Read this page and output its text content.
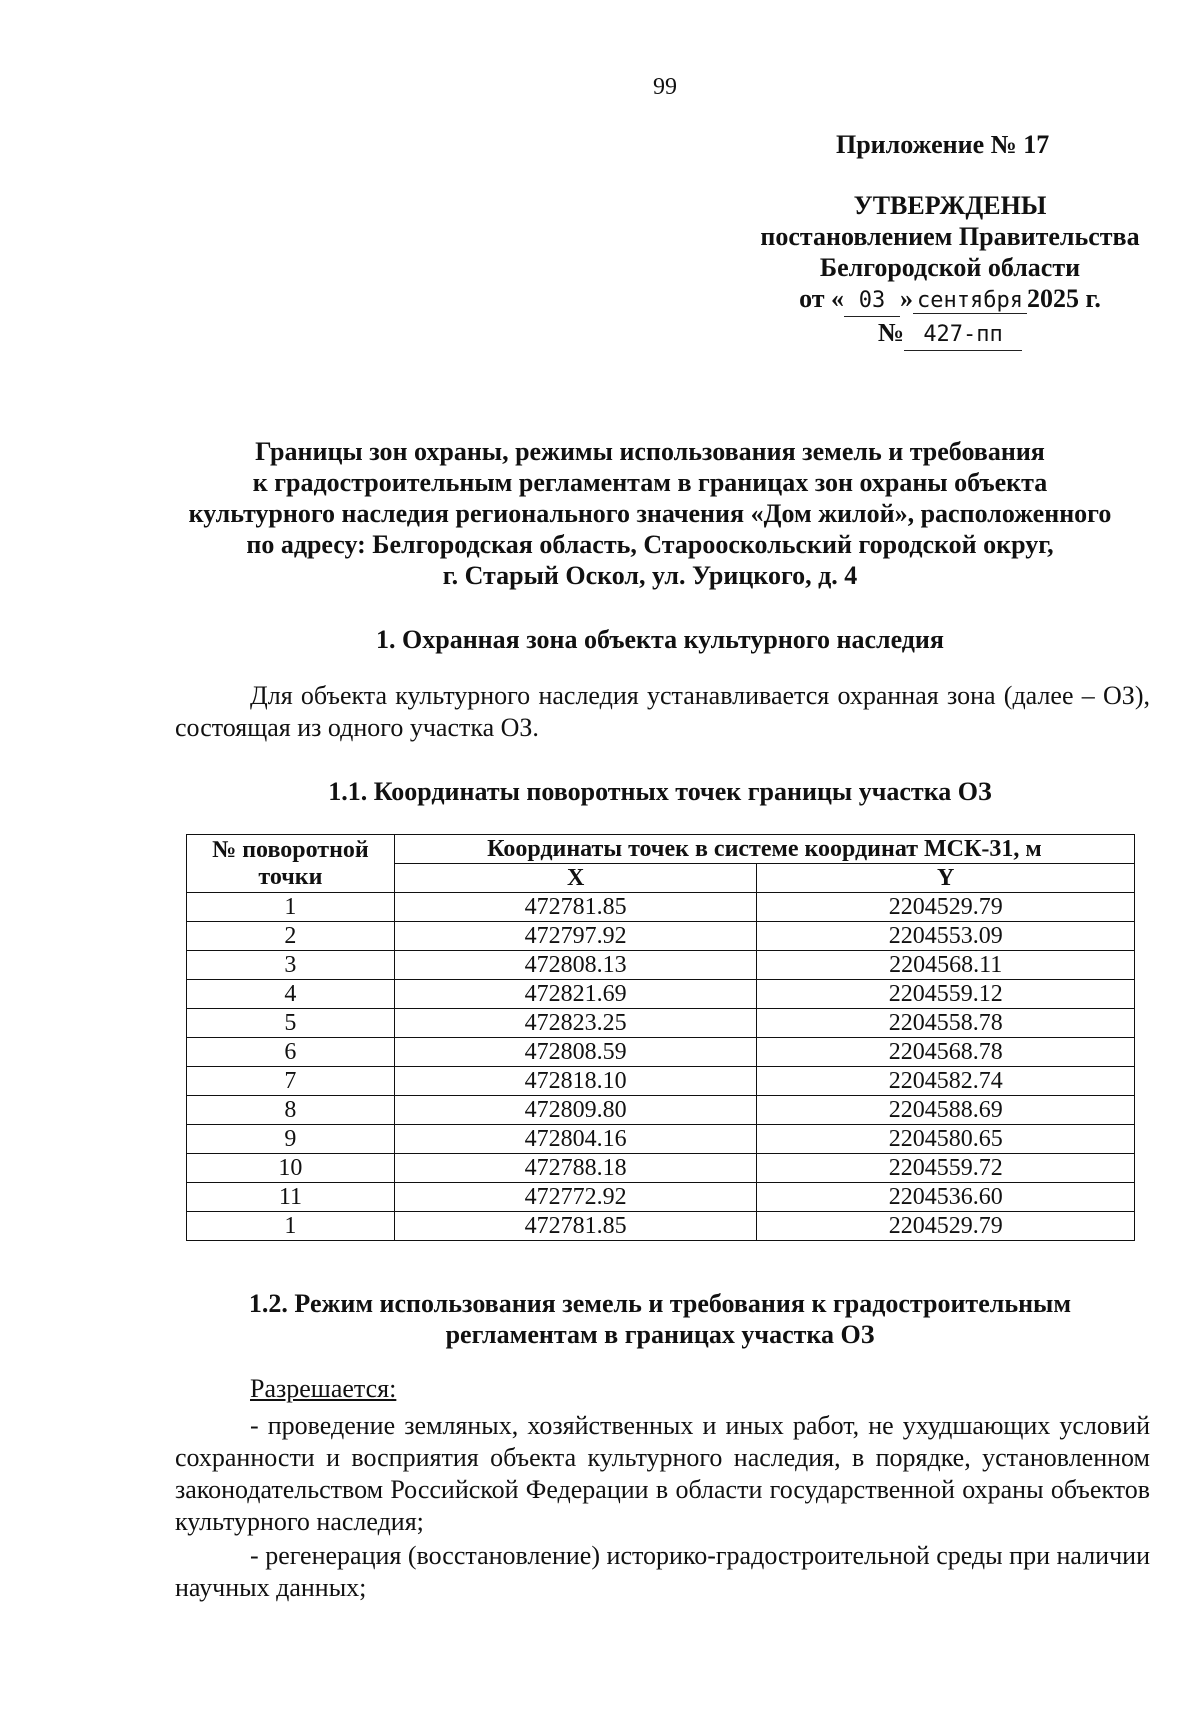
99
Приложение № 17
УТВЕРЖДЕНЫ
постановлением Правительства
Белгородской области
от « 03 » сентября 2025 г.
№ 427-пп
Границы зон охраны, режимы использования земель и требования
к градостроительным регламентам в границах зон охраны объекта
культурного наследия регионального значения «Дом жилой», расположенного
по адресу: Белгородская область, Старооскольский городской округ,
г. Старый Оскол, ул. Урицкого, д. 4
1. Охранная зона объекта культурного наследия
Для объекта культурного наследия устанавливается охранная зона (далее – ОЗ), состоящая из одного участка ОЗ.
1.1. Координаты поворотных точек границы участка ОЗ
№ поворотной точки	Координаты точек в системе координат МСК-31, м	
	X	Y
1	472781.85	2204529.79
2	472797.92	2204553.09
3	472808.13	2204568.11
4	472821.69	2204559.12
5	472823.25	2204558.78
6	472808.59	2204568.78
7	472818.10	2204582.74
8	472809.80	2204588.69
9	472804.16	2204580.65
10	472788.18	2204559.72
11	472772.92	2204536.60
1	472781.85	2204529.79
1.2. Режим использования земель и требования к градостроительным
регламентам в границах участка ОЗ
Разрешается:
- проведение земляных, хозяйственных и иных работ, не ухудшающих условий сохранности и восприятия объекта культурного наследия, в порядке, установленном законодательством Российской Федерации в области государственной охраны объектов культурного наследия;
- регенерация (восстановление) историко-градостроительной среды при наличии научных данных;
